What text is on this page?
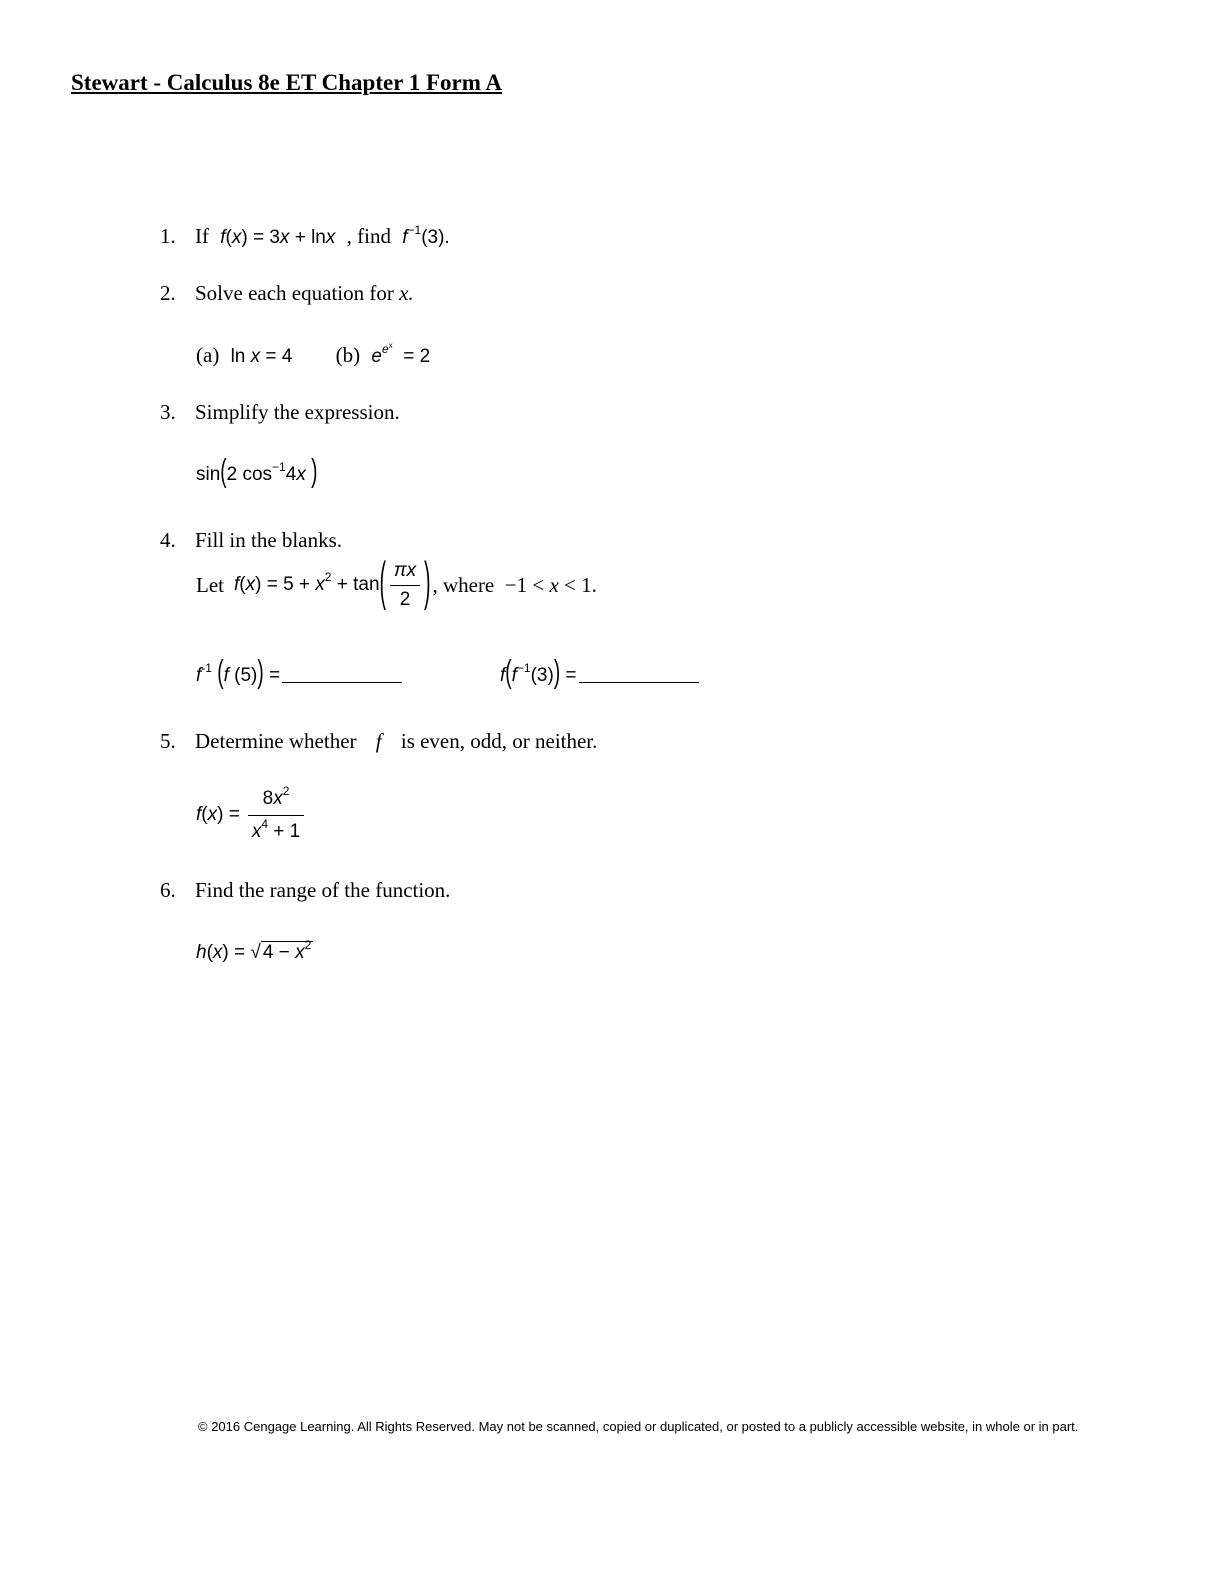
Stewart - Calculus 8e ET Chapter 1 Form A
1. If f(x) = 3x + lnx , find $f^{-1}(3)$.
2. Solve each equation for x.
(a) ln x = 4 (b) $e^{e^x} = 2$
3. Simplify the expression.
sin(2 $\cos^{-1}4x$ )
4. Fill in the blanks.
Let $f(x) = 5 + x^2 + \tan$ ( $\frac{\pi x}{2}$ ) , where  −1 < x < 1.
$f^{-1}$ (f (5)) =	$f(f^{-1}(3))$ =
5. Determine whether f is even, odd, or neither.
$f(x) = \frac{8x^2}{x^4 + 1}$
6. Find the range of the function.
h(x) = √ $4 - x^2$
© 2016 Cengage Learning. All Rights Reserved. May not be scanned, copied or duplicated, or posted to a publicly accessible website, in whole or in part.
